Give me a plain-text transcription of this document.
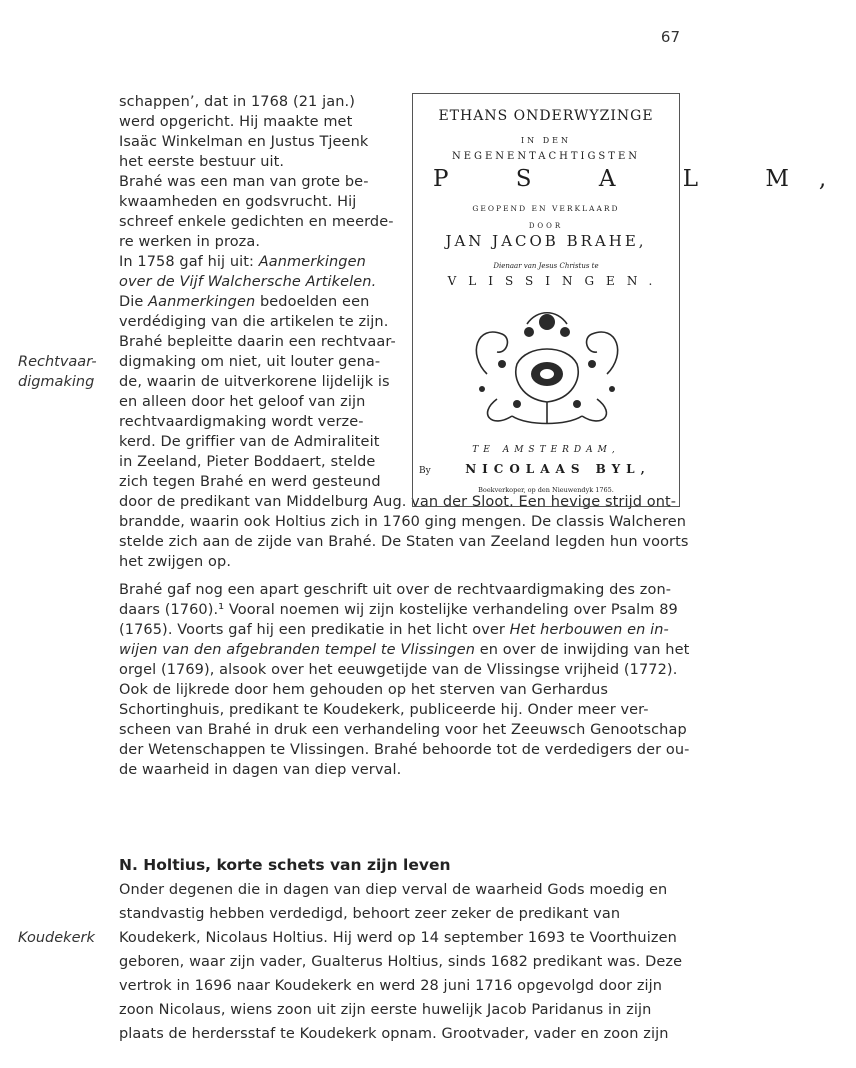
67
Rechtvaar-
digmaking
Koudekerk
schappen’, dat in 1768 (21 jan.)
werd opgericht. Hij maakte met
Isaäc Winkelman en Justus Tjeenk
het eerste bestuur uit.
Brahé was een man van grote be-
kwaamheden en godsvrucht. Hij
schreef enkele gedichten en meerde-
re werken in proza.
In 1758 gaf hij uit: Aanmerkingen
over de Vijf Walchersche Artikelen.
Die Aanmerkingen bedoelden een
verdédiging van die artikelen te zijn.
Brahé bepleitte daarin een rechtvaar-
digmaking om niet, uit louter gena-
de, waarin de uitverkorene lijdelijk is
en alleen door het geloof van zijn
rechtvaardigmaking wordt verze-
kerd. De griffier van de Admiraliteit
in Zeeland, Pieter Boddaert, stelde
zich tegen Brahé en werd gesteund
door de predikant van Middelburg Aug. van der Sloot. Een hevige strijd ont-
brandde, waarin ook Holtius zich in 1760 ging mengen. De classis Walcheren
stelde zich aan de zijde van Brahé. De Staten van Zeeland legden hun voorts
het zwijgen op.
Brahé gaf nog een apart geschrift uit over de rechtvaardigmaking des zon-
daars (1760).¹ Vooral noemen wij zijn kostelijke verhandeling over Psalm 89
(1765). Voorts gaf hij een predikatie in het licht over Het herbouwen en in-
wijen van den afgebranden tempel te Vlissingen en over de inwijding van het
orgel (1769), alsook over het eeuwgetijde van de Vlissingse vrijheid (1772).
Ook de lijkrede door hem gehouden op het sterven van Gerhardus
Schortinghuis, predikant te Koudekerk, publiceerde hij. Onder meer ver-
scheen van Brahé in druk een verhandeling voor het Zeeuwsch Genootschap
der Wetenschappen te Vlissingen. Brahé behoorde tot de verdedigers der ou-
de waarheid in dagen van diep verval.
N. Holtius, korte schets van zijn leven
Onder degenen die in dagen van diep verval de waarheid Gods moedig en
standvastig hebben verdedigd, behoort zeer zeker de predikant van
Koudekerk, Nicolaus Holtius. Hij werd op 14 september 1693 te Voorthuizen
geboren, waar zijn vader, Gualterus Holtius, sinds 1682 predikant was. Deze
vertrok in 1696 naar Koudekerk en werd 28 juni 1716 opgevolgd door zijn
zoon Nicolaus, wiens zoon uit zijn eerste huwelijk Jacob Paridanus in zijn
plaats de herdersstaf te Koudekerk opnam. Grootvader, vader en zoon zijn
ETHANS ONDERWYZINGE
IN DEN
NEGENENTACHTIGSTEN
P S A L M,
GEOPEND EN VERKLAARD
DOOR
JAN JACOB BRAHE,
Dienaar van Jesus Christus te
VLISSINGEN.
TE AMSTERDAM,
By	NICOLAAS BYL,
Boekverkoper, op den Nieuwendyk 1765.
